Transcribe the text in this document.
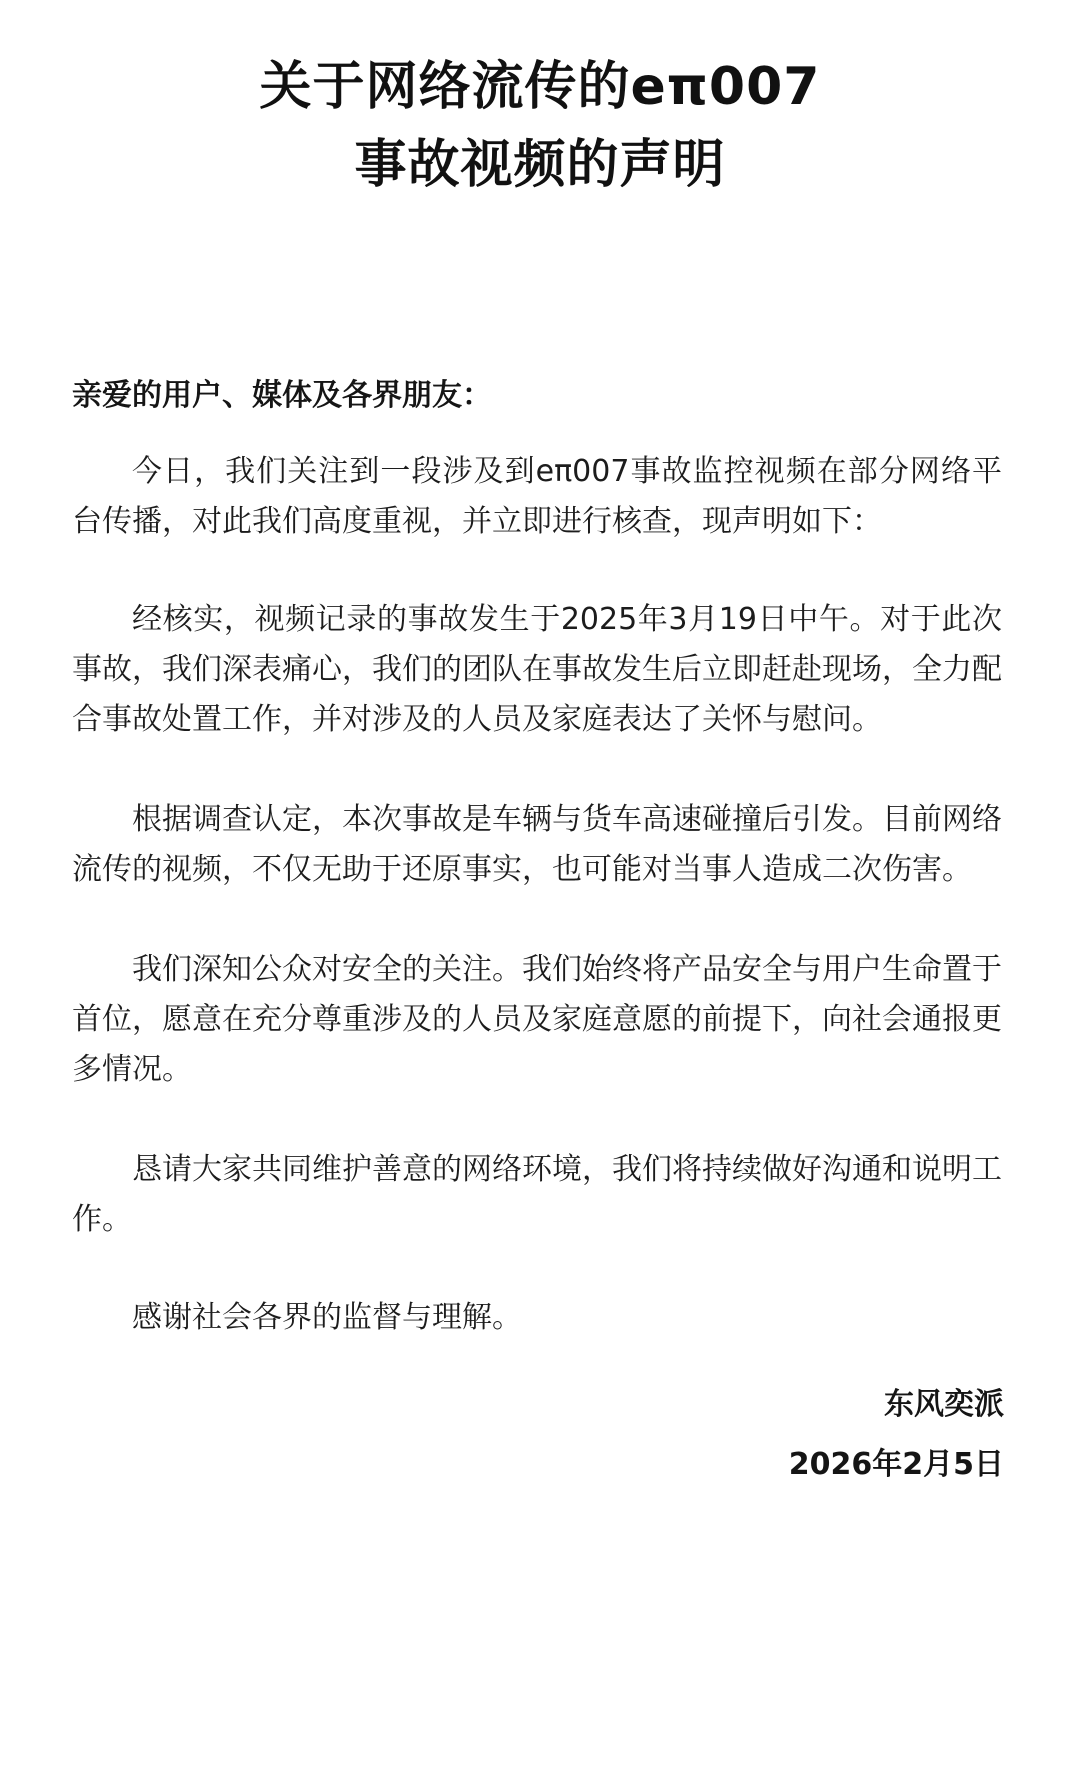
关于网络流传的eπ007
事故视频的声明
亲爱的用户、媒体及各界朋友：

今日，我们关注到一段涉及到eπ007事故监控视频在部分网络平台传播，对此我们高度重视，并立即进行核查，现声明如下：

经核实，视频记录的事故发生于2025年3月19日中午。对于此次事故，我们深表痛心，我们的团队在事故发生后立即赶赴现场，全力配合事故处置工作，并对涉及的人员及家庭表达了关怀与慰问。

根据调查认定，本次事故是车辆与货车高速碰撞后引发。目前网络流传的视频，不仅无助于还原事实，也可能对当事人造成二次伤害。

我们深知公众对安全的关注。我们始终将产品安全与用户生命置于首位，愿意在充分尊重涉及的人员及家庭意愿的前提下，向社会通报更多情况。

恳请大家共同维护善意的网络环境，我们将持续做好沟通和说明工作。

感谢社会各界的监督与理解。

东风奕派
2026年2月5日
